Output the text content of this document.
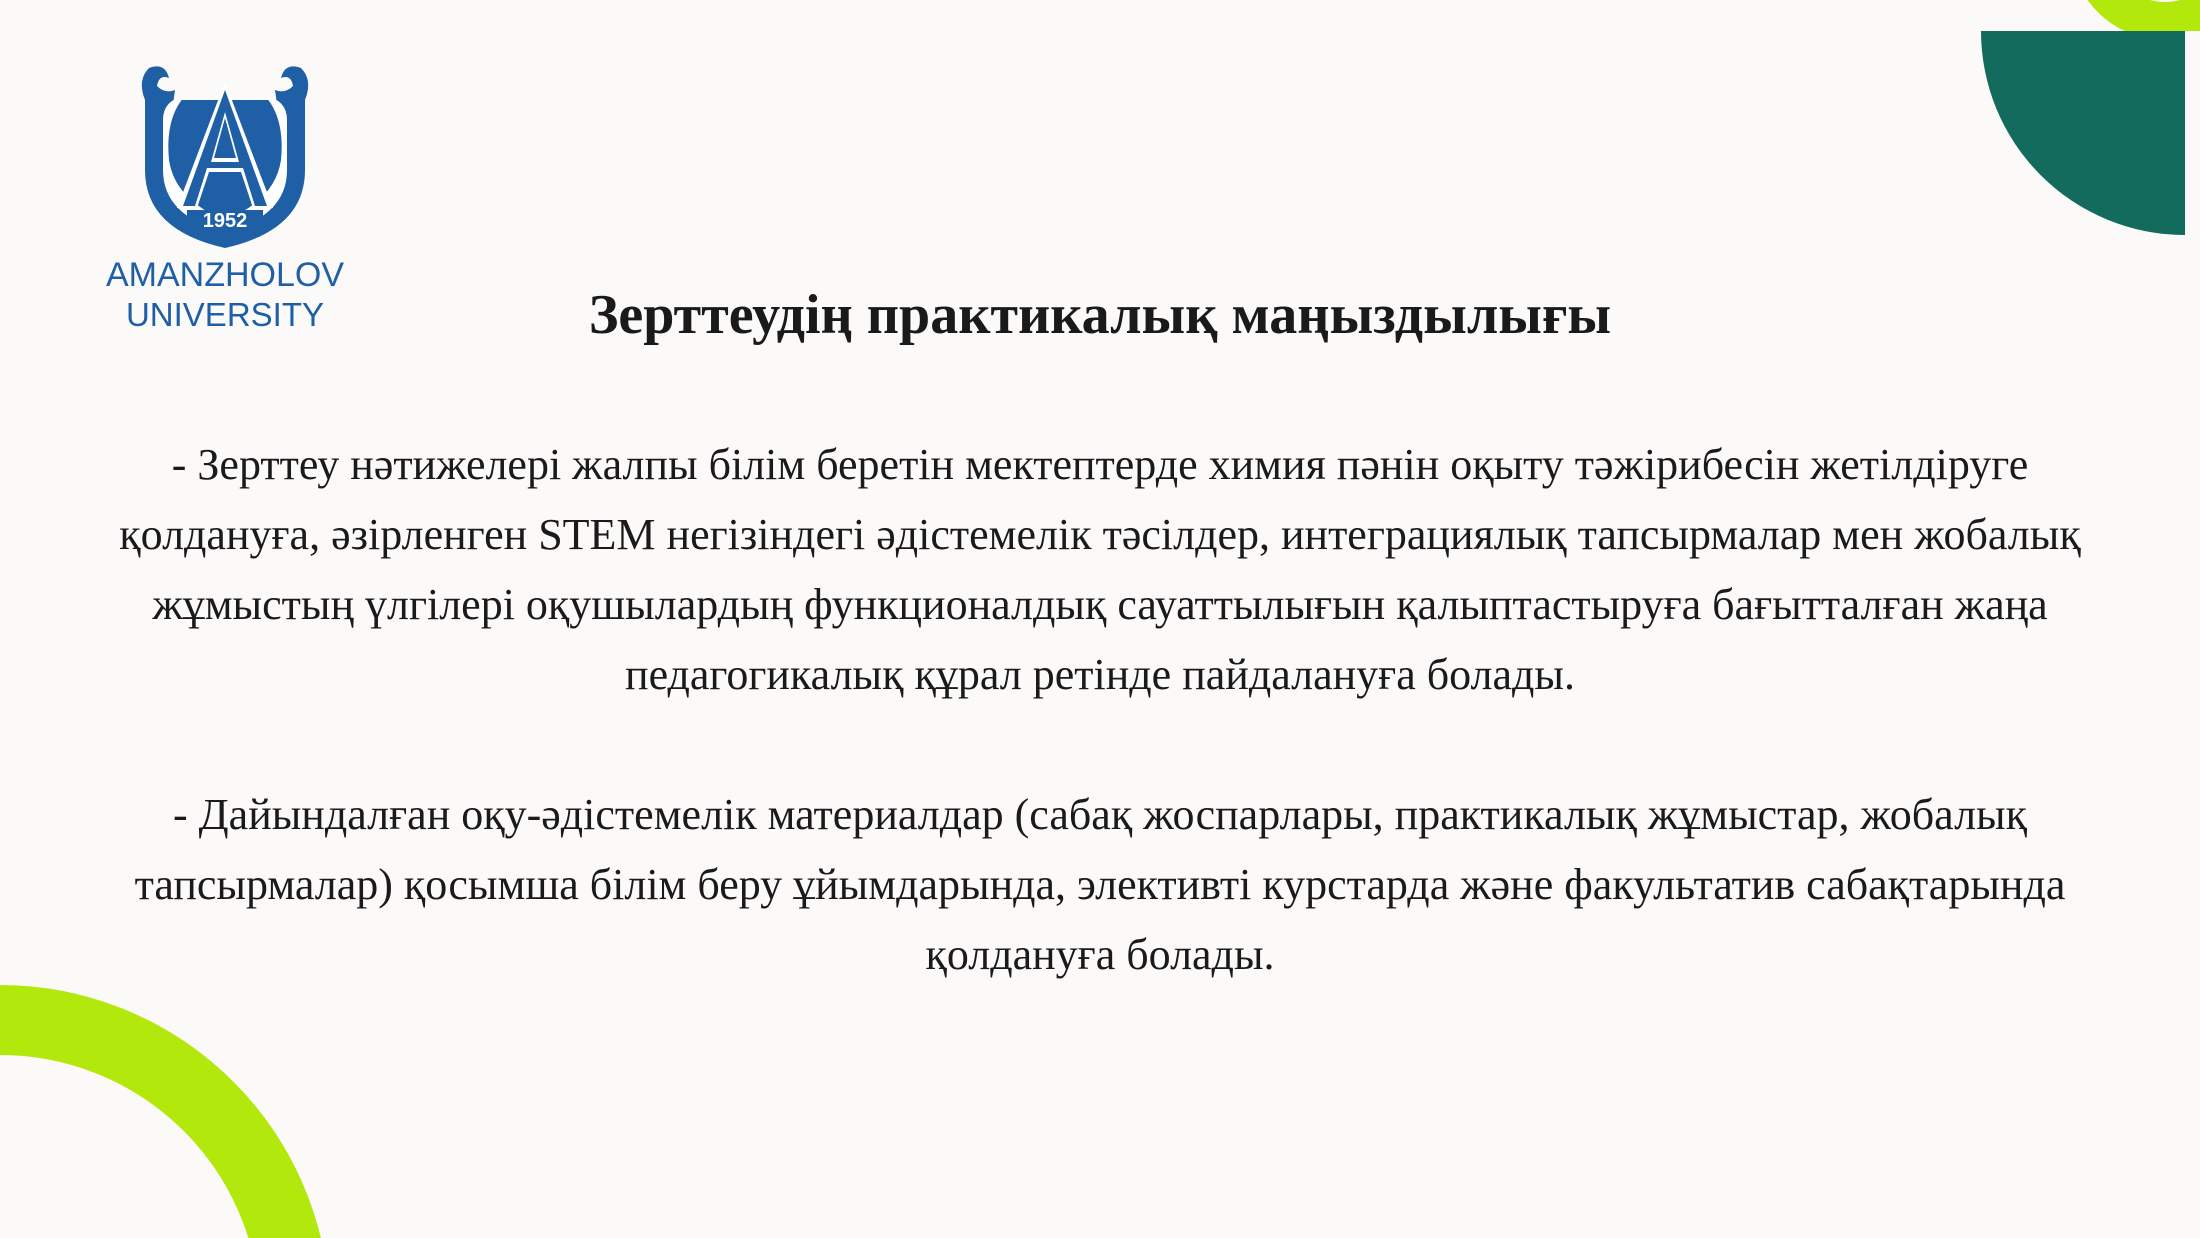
1952
AMANZHOLOV
UNIVERSITY	Зерттеудің практикалық маңыздылығы

- Зерттеу нәтижелері жалпы білім беретін мектептерде химия пәнін оқыту тәжірибесін жетілдіруге қолдануға, әзірленген STEM негізіндегі әдістемелік тәсілдер, интеграциялық тапсырмалар мен жобалық жұмыстың үлгілері оқушылардың функционалдық сауаттылығын қалыптастыруға бағытталған жаңа педагогикалық құрал ретінде пайдалануға болады.

- Дайындалған оқу-әдістемелік материалдар (сабақ жоспарлары, практикалық жұмыстар, жобалық тапсырмалар) қосымша білім беру ұйымдарында, элективті курстарда және факультатив сабақтарында қолдануға болады.
